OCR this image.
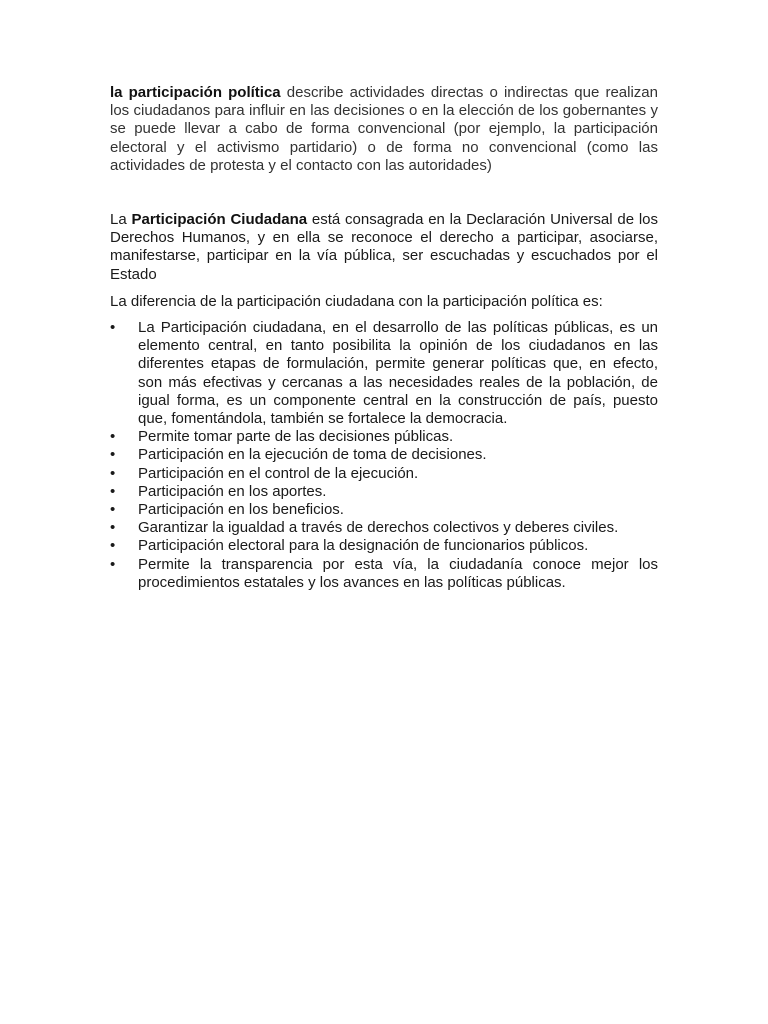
la participación política describe actividades directas o indirectas que realizan los ciudadanos para influir en las decisiones o en la elección de los gobernantes y se puede llevar a cabo de forma convencional (por ejemplo, la participación electoral y el activismo partidario) o de forma no convencional (como las actividades de protesta y el contacto con las autoridades)

La Participación Ciudadana está consagrada en la Declaración Universal de los Derechos Humanos, y en ella se reconoce el derecho a participar, asociarse, manifestarse, participar en la vía pública, ser escuchadas y escuchados por el Estado

La diferencia de la participación ciudadana con la participación política es:

•	La Participación ciudadana, en el desarrollo de las políticas públicas, es un elemento central, en tanto posibilita la opinión de los ciudadanos en las diferentes etapas de formulación, permite generar políticas que, en efecto, son más efectivas y cercanas a las necesidades reales de la población, de igual forma, es un componente central en la construcción de país, puesto que, fomentándola, también se fortalece la democracia.
•	Permite tomar parte de las decisiones públicas.
•	Participación en la ejecución de toma de decisiones.
•	Participación en el control de la ejecución.
•	Participación en los aportes.
•	Participación en los beneficios.
•	Garantizar la igualdad a través de derechos colectivos y deberes civiles.
•	Participación electoral para la designación de funcionarios públicos.
•	Permite la transparencia por esta vía, la ciudadanía conoce mejor los procedimientos estatales y los avances en las políticas públicas.
